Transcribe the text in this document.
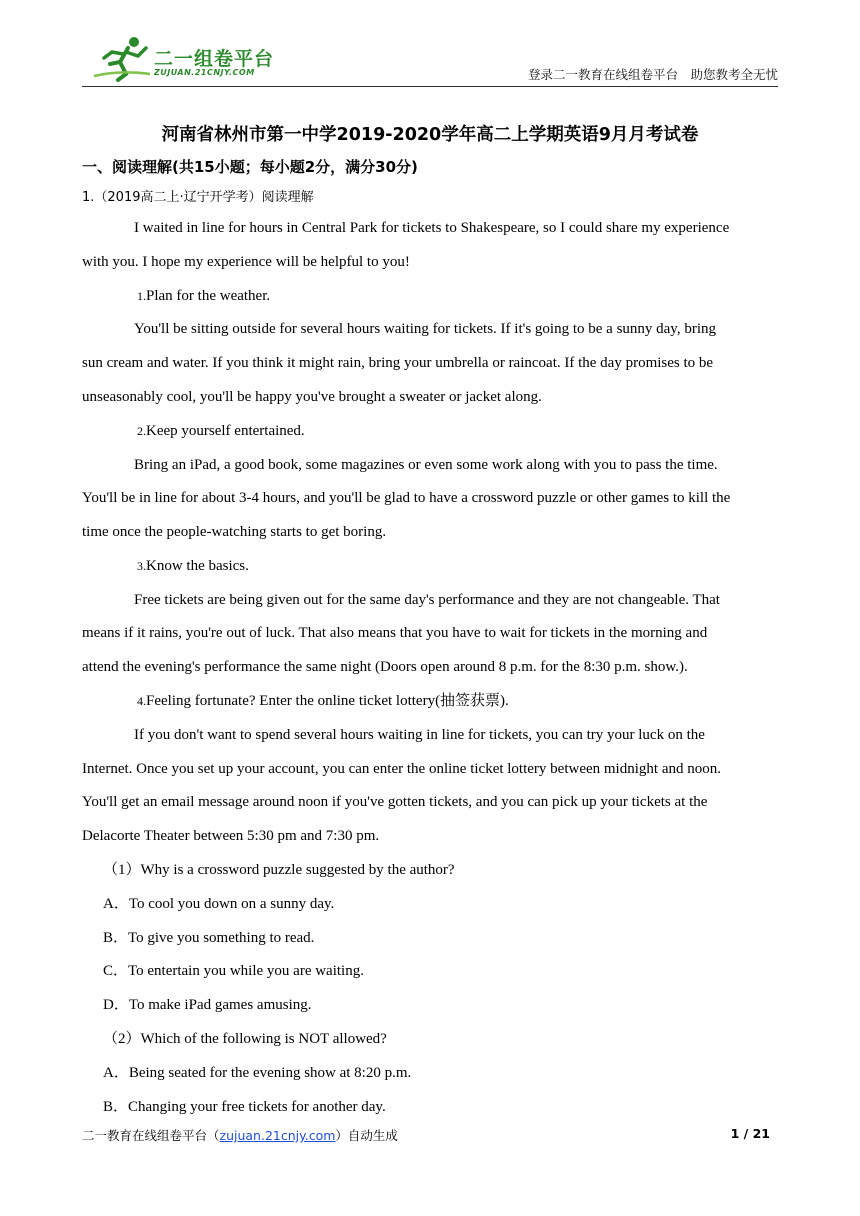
二一组卷平台
ZUJUAN.21CNJY.COM	登录二一教育在线组卷平台　助您教考全无忧
河南省林州市第一中学2019-2020学年高二上学期英语9月月考试卷
一、阅读理解(共15小题；每小题2分，满分30分)
1.（2019高二上·辽宁开学考）阅读理解
I waited in line for hours in Central Park for tickets to Shakespeare, so I could share my experience
with you. I hope my experience will be helpful to you!
1.Plan for the weather.
You'll be sitting outside for several hours waiting for tickets. If it's going to be a sunny day, bring
sun cream and water. If you think it might rain, bring your umbrella or raincoat. If the day promises to be
unseasonably cool, you'll be happy you've brought a sweater or jacket along.
2.Keep yourself entertained.
Bring an iPad, a good book, some magazines or even some work along with you to pass the time.
You'll be in line for about 3-4 hours, and you'll be glad to have a crossword puzzle or other games to kill the
time once the people-watching starts to get boring.
3.Know the basics.
Free tickets are being given out for the same day's performance and they are not changeable. That
means if it rains, you're out of luck. That also means that you have to wait for tickets in the morning and
attend the evening's performance the same night (Doors open around 8 p.m. for the 8:30 p.m. show.).
4.Feeling fortunate? Enter the online ticket lottery(抽签获票).
If you don't want to spend several hours waiting in line for tickets, you can try your luck on the
Internet. Once you set up your account, you can enter the online ticket lottery between midnight and noon.
You'll get an email message around noon if you've gotten tickets, and you can pick up your tickets at the
Delacorte Theater between 5:30 pm and 7:30 pm.
（1）Why is a crossword puzzle suggested by the author?
A．To cool you down on a sunny day.
B．To give you something to read.
C．To entertain you while you are waiting.
D．To make iPad games amusing.
（2）Which of the following is NOT allowed?
A．Being seated for the evening show at 8:20 p.m.
B．Changing your free tickets for another day.
二一教育在线组卷平台（zujuan.21cnjy.com）自动生成	1 / 21
